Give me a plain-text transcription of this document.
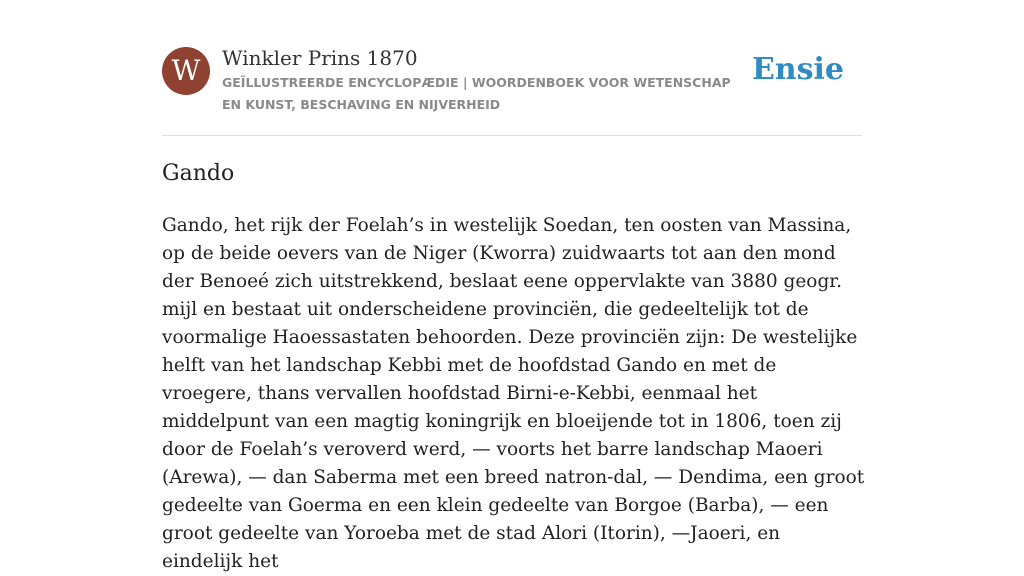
W	Winkler Prins 1870
GEÏLLUSTREERDE ENCYCLOPÆDIE | WOORDENBOEK VOOR WETENSCHAP EN KUNST, BESCHAVING EN NIJVERHEID
Ensie
Gando

Gando, het rijk der Foelah’s in westelijk Soedan, ten oosten van Massina, op de beide oevers van de Niger (Kworra) zuidwaarts tot aan den mond der Benoeé zich uitstrekkend, beslaat eene oppervlakte van 3880 geogr. mijl en bestaat uit onderscheidene provinciën, die gedeeltelijk tot de voormalige Haoessastaten behoorden. Deze provinciën zijn: De westelijke helft van het landschap Kebbi met de hoofdstad Gando en met de vroegere, thans vervallen hoofdstad Birni-e-Kebbi, eenmaal het middelpunt van een magtig koningrijk en bloeijende tot in 1806, toen zij door de Foelah’s veroverd werd, — voorts het barre landschap Maoeri (Arewa), — dan Saberma met een breed natron-dal, — Dendima, een groot gedeelte van Goerma en een klein gedeelte van Borgoe (Barba), — een groot gedeelte van Yoroeba met de stad Alori (Itorin), —Jaoeri, en eindelijk het
